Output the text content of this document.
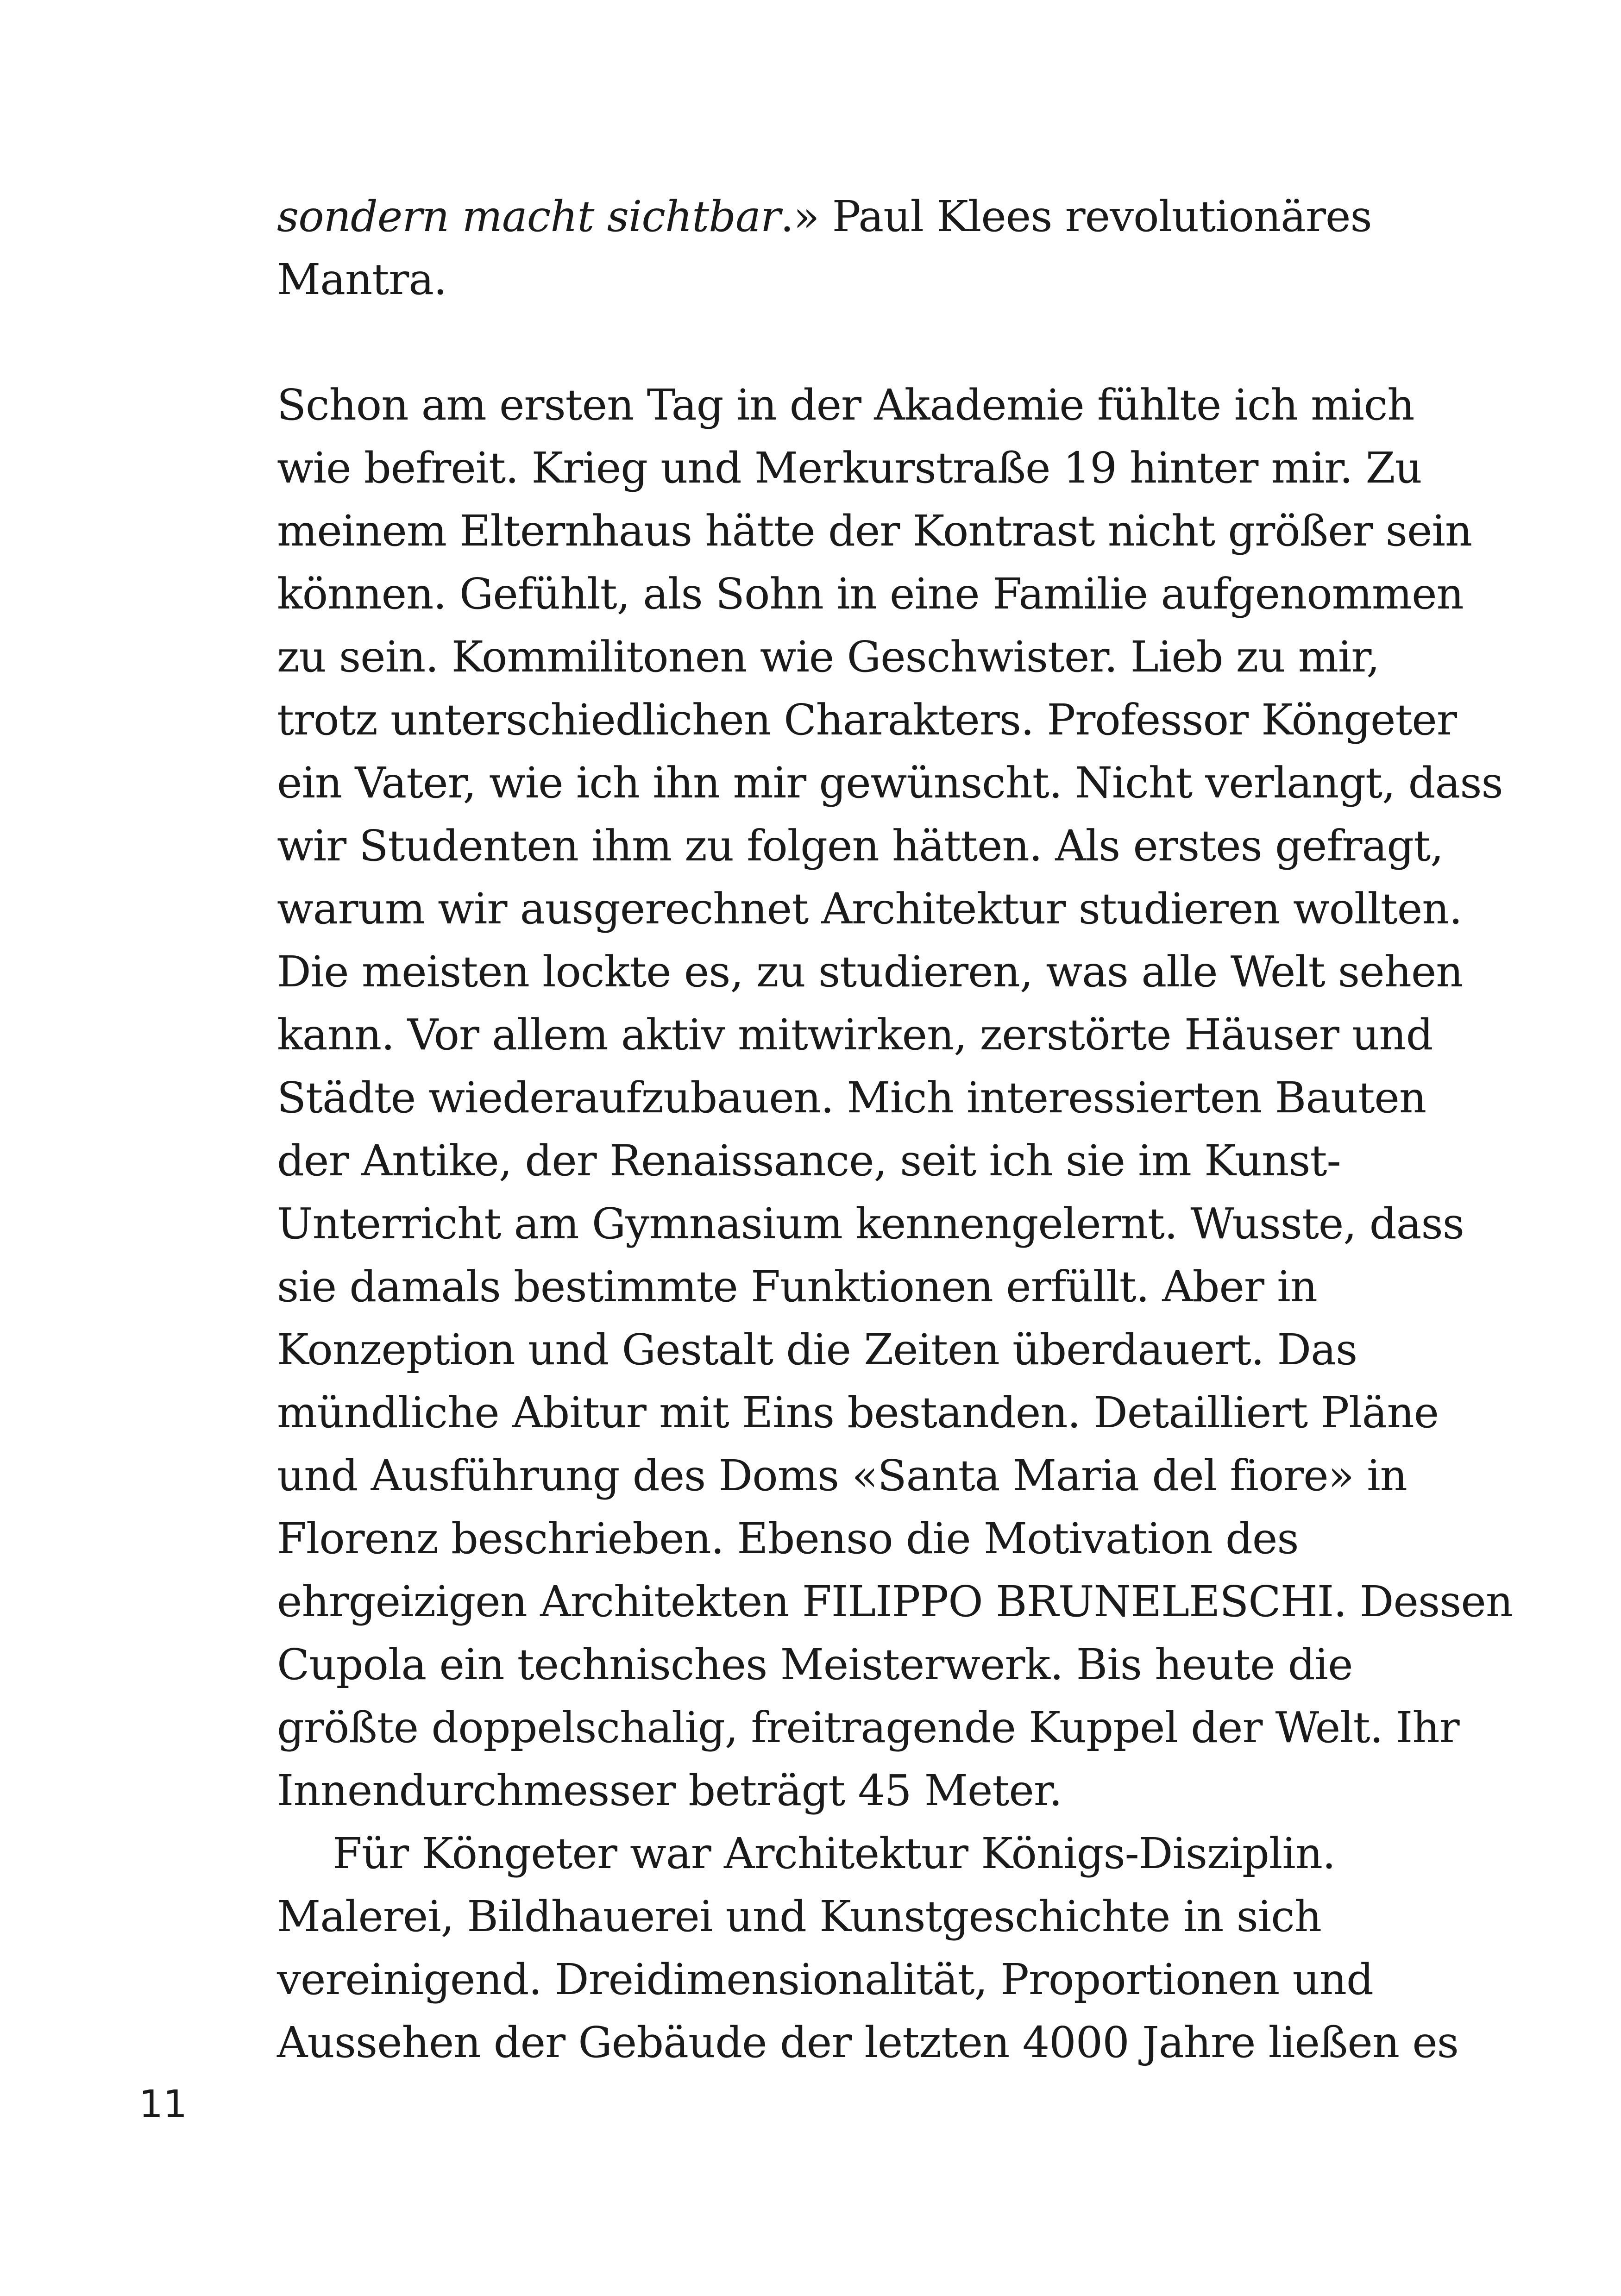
sondern macht sichtbar.» Paul Klees revolutionäres
Mantra.
Schon am ersten Tag in der Akademie fühlte ich mich
wie befreit. Krieg und Merkurstraße 19 hinter mir. Zu
meinem Elternhaus hätte der Kontrast nicht größer sein
können. Gefühlt, als Sohn in eine Familie aufgenommen
zu sein. Kommilitonen wie Geschwister. Lieb zu mir,
trotz unterschiedlichen Charakters. Professor Köngeter
ein Vater, wie ich ihn mir gewünscht. Nicht verlangt, dass
wir Studenten ihm zu folgen hätten. Als erstes gefragt,
warum wir ausgerechnet Architektur studieren wollten.
Die meisten lockte es, zu studieren, was alle Welt sehen
kann. Vor allem aktiv mitwirken, zerstörte Häuser und
Städte wiederaufzubauen. Mich interessierten Bauten
der Antike, der Renaissance, seit ich sie im Kunst-
Unterricht am Gymnasium kennengelernt. Wusste, dass
sie damals bestimmte Funktionen erfüllt. Aber in
Konzeption und Gestalt die Zeiten überdauert. Das
mündliche Abitur mit Eins bestanden. Detailliert Pläne
und Ausführung des Doms «Santa Maria del fiore» in
Florenz beschrieben. Ebenso die Motivation des
ehrgeizigen Architekten FILIPPO BRUNELESCHI. Dessen
Cupola ein technisches Meisterwerk. Bis heute die
größte doppelschalig, freitragende Kuppel der Welt. Ihr
Innendurchmesser beträgt 45 Meter.
Für Köngeter war Architektur Königs-Disziplin.
Malerei, Bildhauerei und Kunstgeschichte in sich
vereinigend. Dreidimensionalität, Proportionen und
Aussehen der Gebäude der letzten 4000 Jahre ließen es
11
